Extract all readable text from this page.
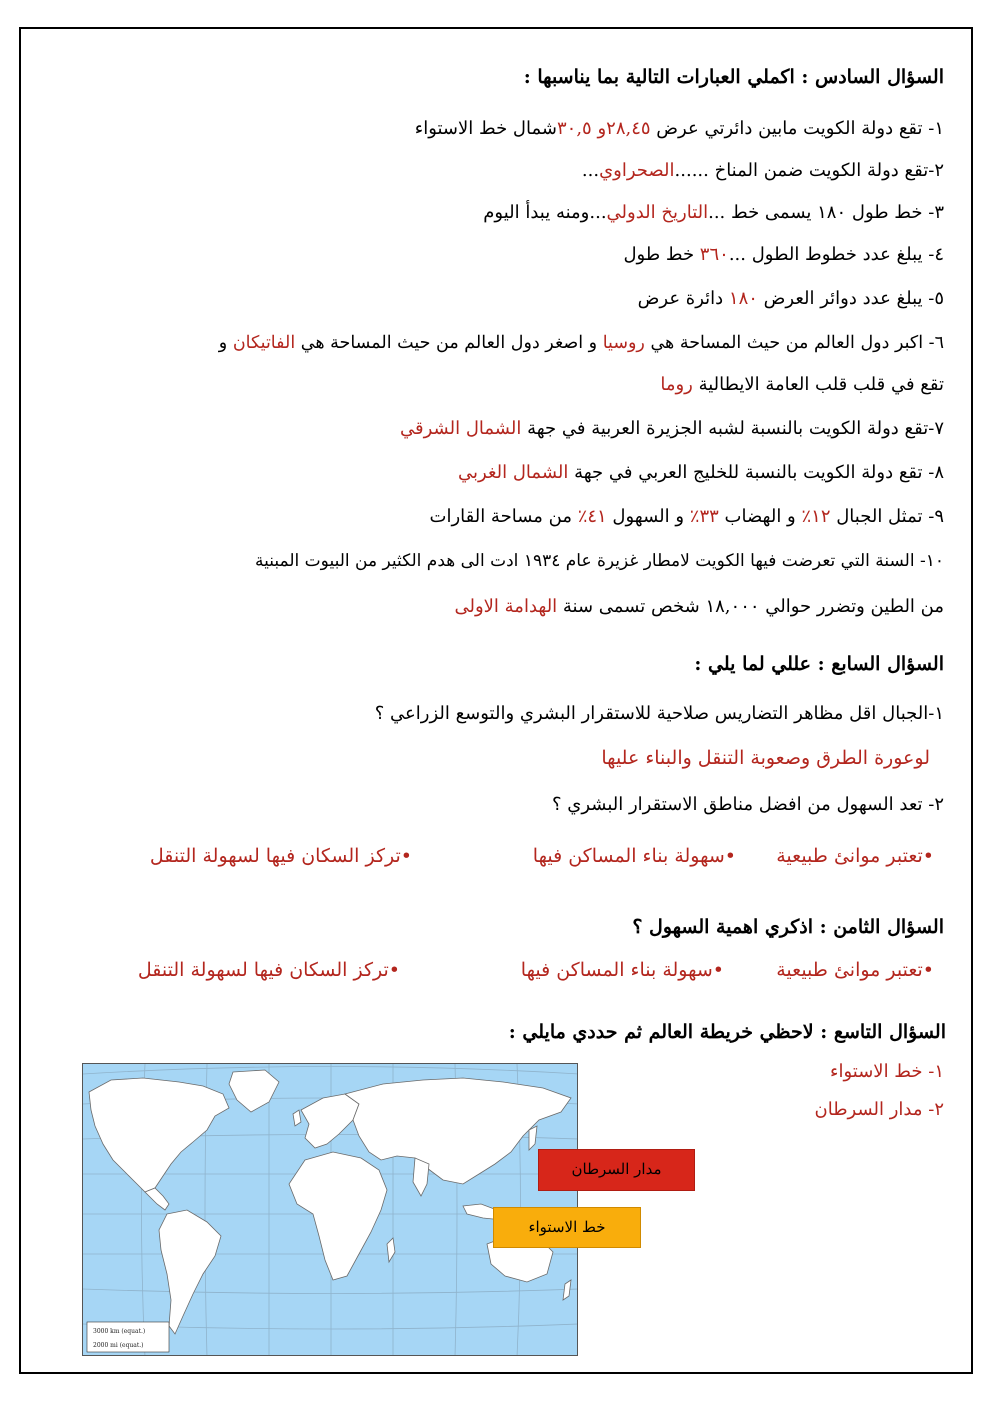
السؤال السادس : اكملي العبارات التالية بما يناسبها :
١- تقع دولة الكويت مابين دائرتي عرض ٢٨,٤٥و ٣٠,٥شمال خط الاستواء
٢-تقع دولة الكويت ضمن المناخ ......الصحراوي...
٣- خط طول ١٨٠ يسمى خط ...التاريخ الدولي...ومنه يبدأ اليوم
٤- يبلغ عدد خطوط الطول ...٣٦٠ خط طول
٥- يبلغ عدد دوائر العرض ١٨٠ دائرة عرض
٦- اكبر دول العالم من حيث المساحة هي روسيا و اصغر دول العالم من حيث المساحة هي الفاتيكان و
تقع في قلب قلب العامة الايطالية روما
٧-تقع دولة الكويت بالنسبة لشبه الجزيرة العربية في جهة الشمال الشرقي
٨- تقع دولة الكويت بالنسبة للخليج العربي في جهة الشمال الغربي
٩- تمثل الجبال ١٢٪ و الهضاب ٣٣٪ و السهول ٤١٪ من مساحة القارات
١٠- السنة التي تعرضت فيها الكويت لامطار غزيرة عام ١٩٣٤ ادت الى هدم الكثير من البيوت المبنية
من الطين وتضرر حوالي ١٨,٠٠٠ شخص تسمى سنة الهدامة الاولى
السؤال السابع : عللي لما يلي :
١-الجبال اقل مظاهر التضاريس صلاحية للاستقرار البشري والتوسع الزراعي ؟
لوعورة الطرق وصعوبة التنقل والبناء عليها
٢- تعد السهول من افضل مناطق الاستقرار البشري ؟
•تعتبر موانئ طبيعية
•سهولة بناء المساكن فيها
•تركز السكان فيها لسهولة التنقل
السؤال الثامن : اذكري اهمية السهول ؟
•تعتبر موانئ طبيعية
•سهولة بناء المساكن فيها
•تركز السكان فيها لسهولة التنقل
السؤال التاسع : لاحظي خريطة العالم ثم حددي مايلي :
١- خط الاستواء
٢- مدار السرطان
3000 km (equat.)
2000 mi (equat.)
مدار السرطان
خط الاستواء
